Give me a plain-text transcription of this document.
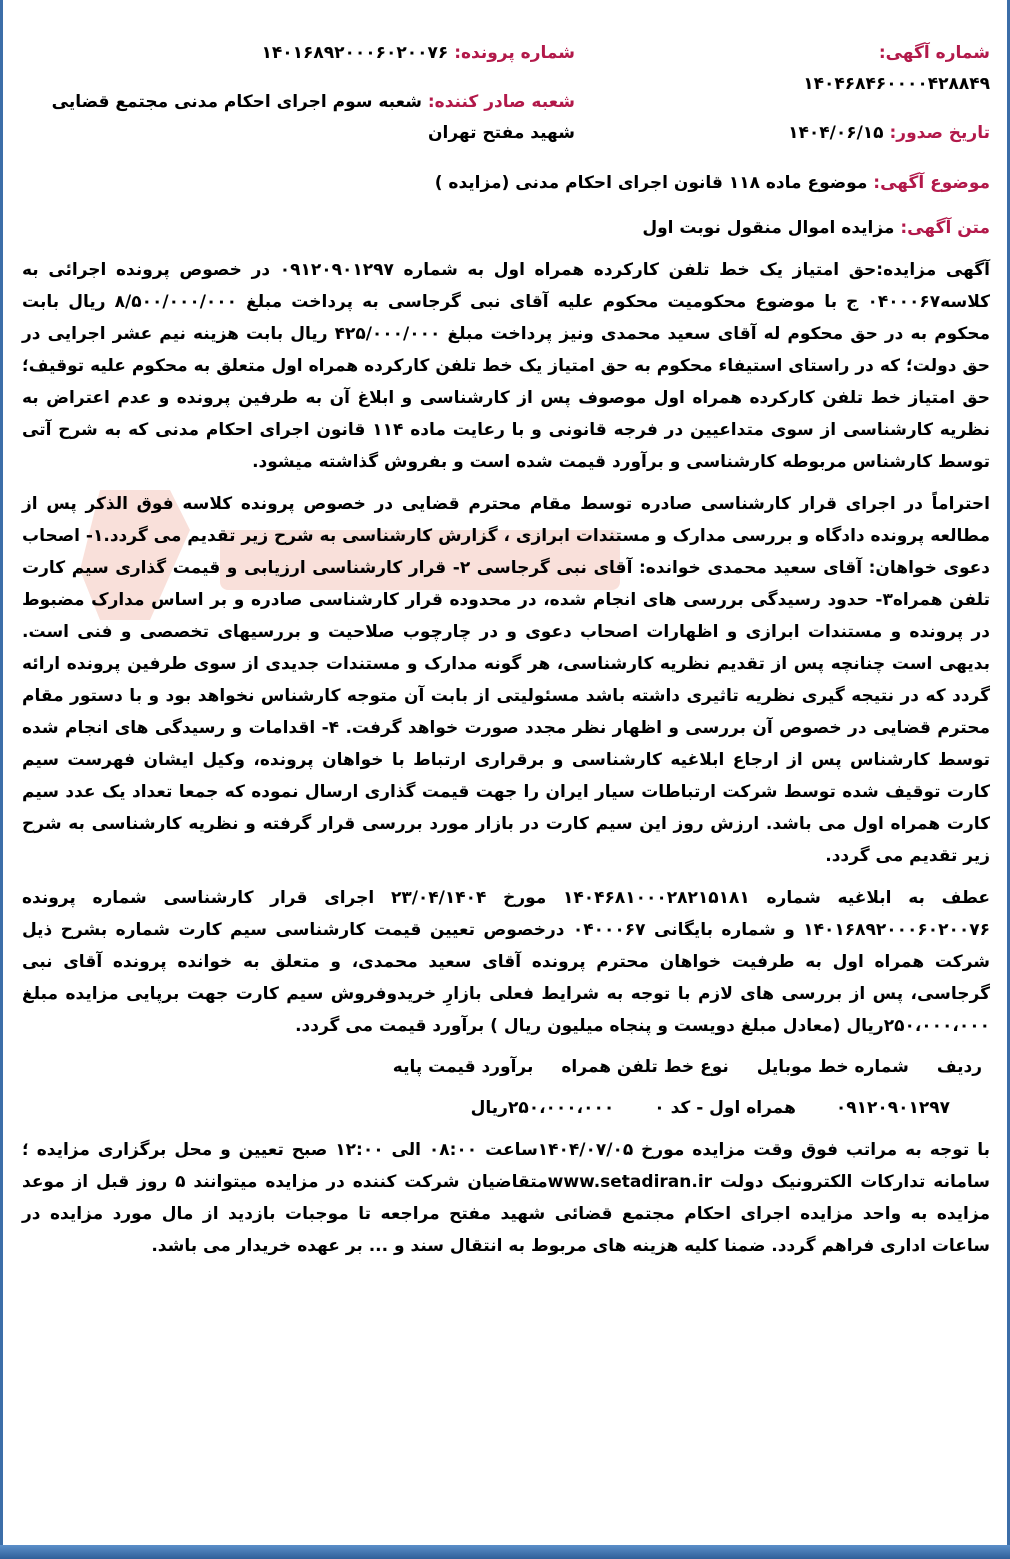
شماره آگهی: ۱۴۰۴۶۸۴۶۰۰۰۰۴۲۸۸۴۹
تاریخ صدور: ۱۴۰۴/۰۶/۱۵
شماره پرونده: ۱۴۰۱۶۸۹۲۰۰۰۶۰۲۰۰۷۶
شعبه صادر کننده: شعبه سوم اجرای احکام مدنی مجتمع قضایی شهید مفتح تهران
موضوع آگهی: موضوع ماده ۱۱۸ قانون اجرای احکام مدنی (مزایده )
متن آگهی: مزایده اموال منقول نوبت اول

آگهی مزایده:حق امتیاز یک خط تلفن کارکرده همراه اول به شماره ۰۹۱۲۰۹۰۱۲۹۷ در خصوص پرونده اجرائی به کلاسه۰۴۰۰۰۶۷ ج با موضوع محکومیت محکوم علیه آقای نبی گرجاسی به پرداخت مبلغ ۸/۵۰۰/۰۰۰/۰۰۰ ریال بابت محکوم به در حق محکوم له آقای سعید محمدی ونیز پرداخت مبلغ ۴۲۵/۰۰۰/۰۰۰ ریال بابت هزینه نیم عشر اجرایی در حق دولت؛ که در راستای استیفاء محکوم به حق امتیاز یک خط تلفن کارکرده همراه اول متعلق به محکوم علیه توقیف؛حق امتیاز خط تلفن کارکرده همراه اول موصوف پس از کارشناسی و ابلاغ آن به طرفین پرونده و عدم اعتراض به نظریه کارشناسی از سوی متداعیین در فرجه قانونی و با رعایت ماده ۱۱۴ قانون اجرای احکام مدنی که به شرح آتی توسط کارشناس مربوطه کارشناسی و برآورد قیمت شده است و بفروش گذاشته میشود.

احتراماً در اجرای قرار کارشناسی صادره توسط مقام محترم قضایی در خصوص پرونده کلاسه فوق الذکر پس از مطالعه پرونده دادگاه و بررسی مدارک و مستندات ابرازی ، گزارش کارشناسی به شرح زیر تقدیم می گردد.۱- اصحاب دعوی خواهان: آقای سعید محمدی خوانده: آقای نبی گرجاسی ۲- قرار کارشناسی ارزیابی و قیمت گذاری سیم کارت تلفن همراه۳- حدود رسیدگی بررسی های انجام شده، در محدوده قرار کارشناسی صادره و بر اساس مدارک مضبوط در پرونده و مستندات ابرازی و اظهارات اصحاب دعوی و در چارچوب صلاحیت و بررسیهای تخصصی و فنی است. بدیهی است چنانچه پس از تقدیم نظریه کارشناسی، هر گونه مدارک و مستندات جدیدی از سوی طرفین پرونده ارائه گردد که در نتیجه گیری نظریه تاثیری داشته باشد مسئولیتی از بابت آن متوجه کارشناس نخواهد بود و با دستور مقام محترم قضایی در خصوص آن بررسی و اظهار نظر مجدد صورت خواهد گرفت. ۴- اقدامات و رسیدگی های انجام شده توسط کارشناس پس از ارجاع ابلاغیه کارشناسی و برقراری ارتباط با خواهان پرونده، وکیل ایشان فهرست سیم کارت توقیف شده توسط شرکت ارتباطات سیار ایران را جهت قیمت گذاری ارسال نموده که جمعا تعداد یک عدد سیم کارت همراه اول می باشد. ارزش روز این سیم کارت در بازار مورد بررسی قرار گرفته و نظریه کارشناسی به شرح زیر تقدیم می گردد.

عطف به ابلاغیه شماره ۱۴۰۴۶۸۱۰۰۰۲۸۲۱۵۱۸۱ مورخ ۲۳/۰۴/۱۴۰۴ اجرای قرار کارشناسی شماره پرونده ۱۴۰۱۶۸۹۲۰۰۰۶۰۲۰۰۷۶ و شماره بایگانی ۰۴۰۰۰۶۷ درخصوص تعیین قیمت کارشناسی سیم کارت شماره بشرح ذیل شرکت همراه اول به طرفیت خواهان محترم پرونده آقای سعید محمدی، و متعلق به خوانده پرونده آقای نبی گرجاسی، پس از بررسی های لازم با توجه به شرایط فعلی بازارِ خریدوفروش سیم کارت جهت برپایی مزایده مبلغ ۲۵۰،۰۰۰،۰۰۰ریال (معادل مبلغ دویست و پنجاه میلیون ریال ) برآورد قیمت می گردد.

ردیف
شماره خط موبایل
نوع خط تلفن همراه
برآورد قیمت پایه
۰۹۱۲۰۹۰۱۲۹۷
همراه اول - کد ۰
۲۵۰،۰۰۰،۰۰۰ریال

با توجه به مراتب فوق وقت مزایده مورخ ۱۴۰۴/۰۷/۰۵ساعت ۰۸:۰۰ الی ۱۲:۰۰ صبح تعیین و محل برگزاری مزایده ؛سامانه تدارکات الکترونیک دولت www.setadiran.irمتقاضیان شرکت کننده در مزایده میتوانند ۵ روز قبل از موعد مزایده به واحد مزایده اجرای احکام مجتمع قضائی شهید مفتح مراجعه تا موجبات بازدید از مال مورد مزایده در ساعات اداری فراهم گردد. ضمنا کلیه هزینه های مربوط به انتقال سند و ... بر عهده خریدار می باشد.
